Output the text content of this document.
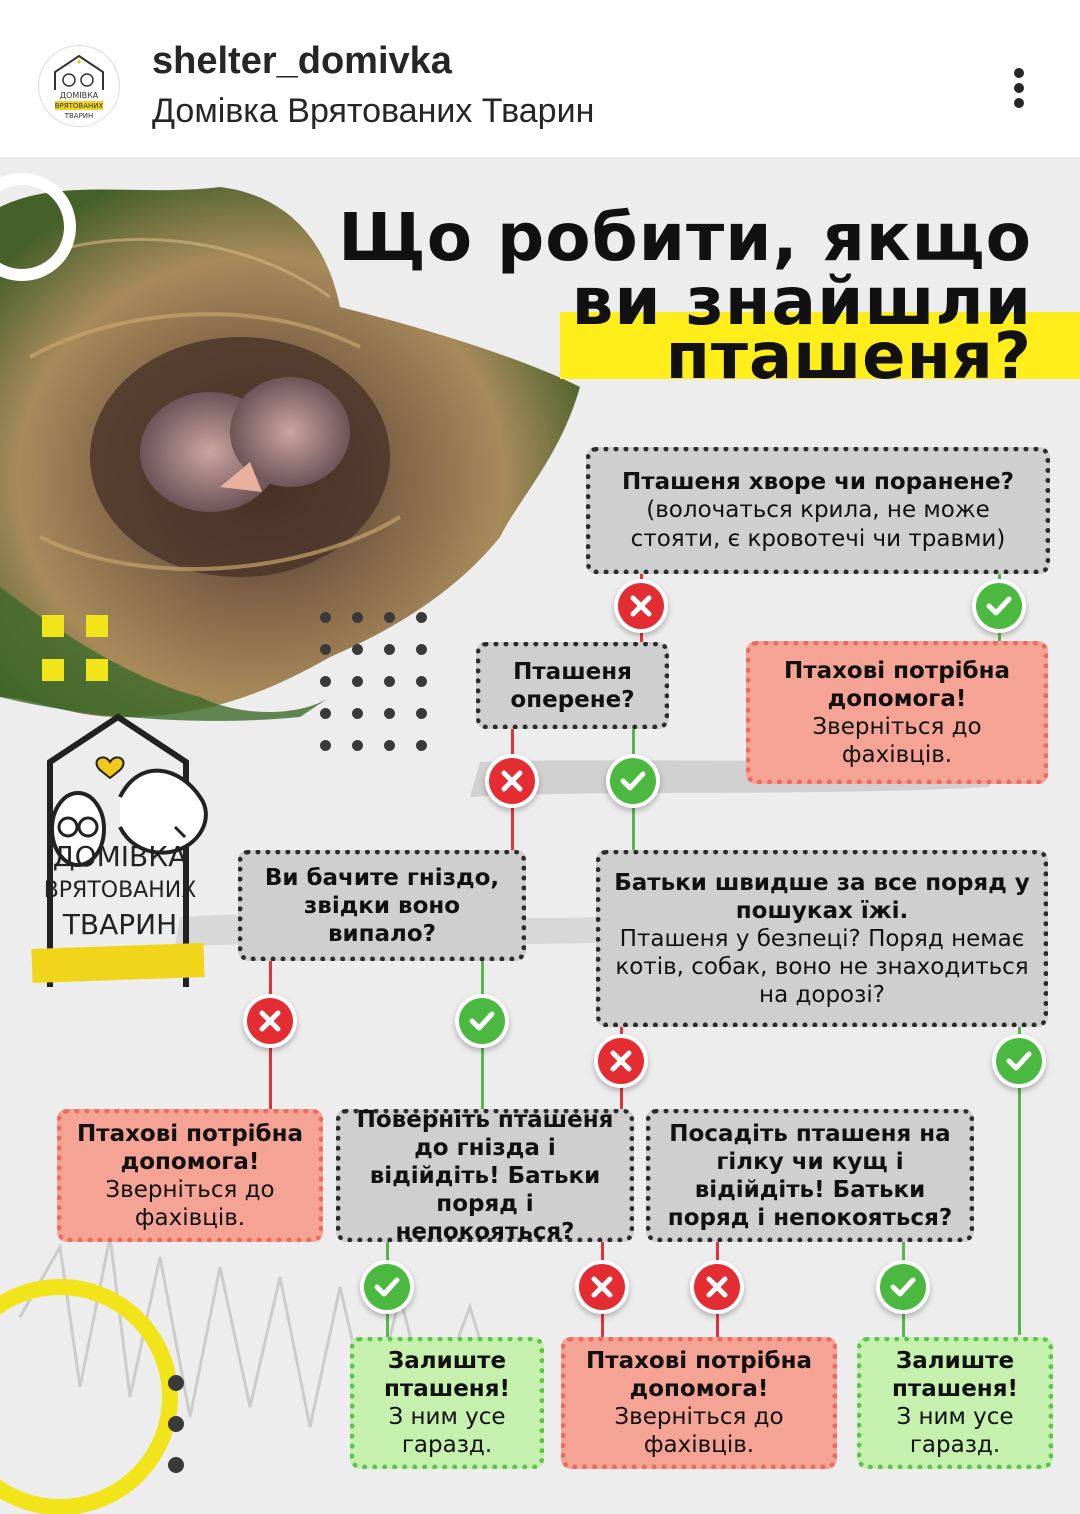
ДОМІВКА
ВРЯТОВАНИХ
ТВАРИН
shelter_domivka
Домівка Врятованих Тварин
Що робити, якщо
ви знайшли
пташеня?
ДОМІВКА
ВРЯТОВАНИХ
ТВАРИН
Пташеня хворе чи поранене?
(волочаться крила, не може стояти, є кровотечі чи травми)
Пташеня оперене?
Птахові потрібна допомога!
Зверніться до фахівців.
Ви бачите гніздо, звідки воно випало?
Батьки швидше за все поряд у пошуках їжі.
Пташеня у безпеці? Поряд немає котів, собак, воно не знаходиться на дорозі?
Птахові потрібна допомога!
Зверніться до фахівців.
Поверніть пташеня до гнізда і відійдіть! Батьки поряд і непокояться?
Посадіть пташеня на гілку чи кущ і відійдіть! Батьки поряд і непокояться?
Залиште пташеня!
З ним усе гаразд.
Птахові потрібна допомога!
Зверніться до фахівців.
Залиште пташеня!
З ним усе гаразд.
